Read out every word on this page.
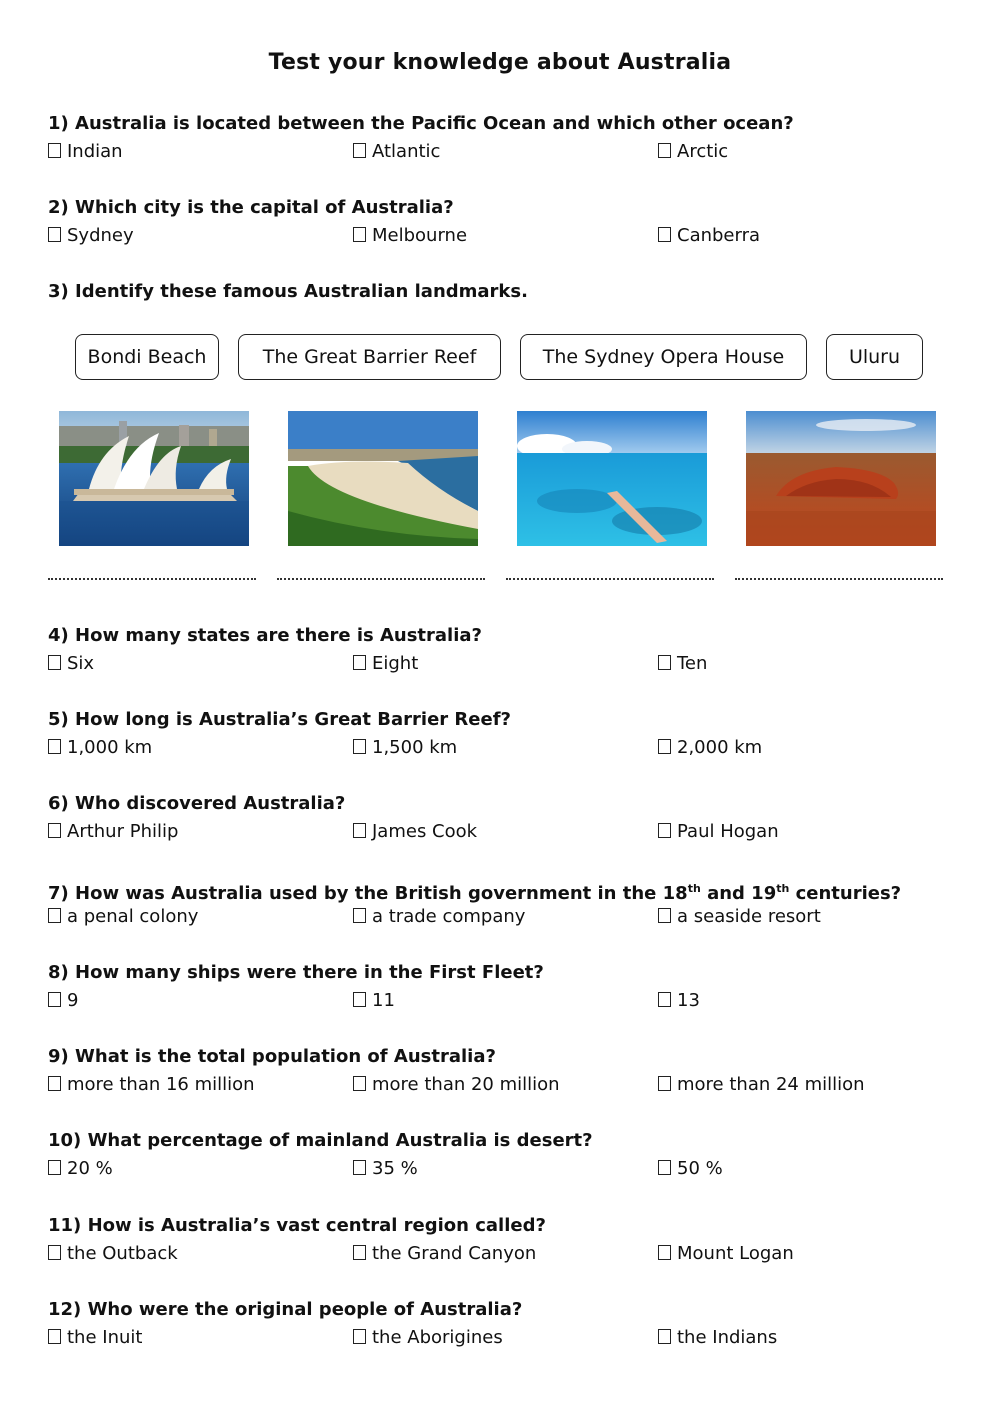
Test your knowledge about Australia
1) Australia is located between the Pacific Ocean and which other ocean?
Indian	Atlantic	Arctic
2) Which city is the capital of Australia?
Sydney	Melbourne	Canberra
3) Identify these famous Australian landmarks.
Bondi Beach	The Great Barrier Reef	The Sydney Opera House	Uluru
4) How many states are there is Australia?
Six	Eight	Ten
5) How long is Australia’s Great Barrier Reef?
1,000 km	1,500 km	2,000 km
6) Who discovered Australia?
Arthur Philip	James Cook	Paul Hogan
7) How was Australia used by the British government in the 18th and 19th centuries?
a penal colony	a trade company	a seaside resort
8) How many ships were there in the First Fleet?
9	11	13
9) What is the total population of Australia?
more than 16 million	more than 20 million	more than 24 million
10) What percentage of mainland Australia is desert?
20 %	35 %	50 %
11) How is Australia’s vast central region called?
the Outback	the Grand Canyon	Mount Logan
12) Who were the original people of Australia?
the Inuit	the Aborigines	the Indians
